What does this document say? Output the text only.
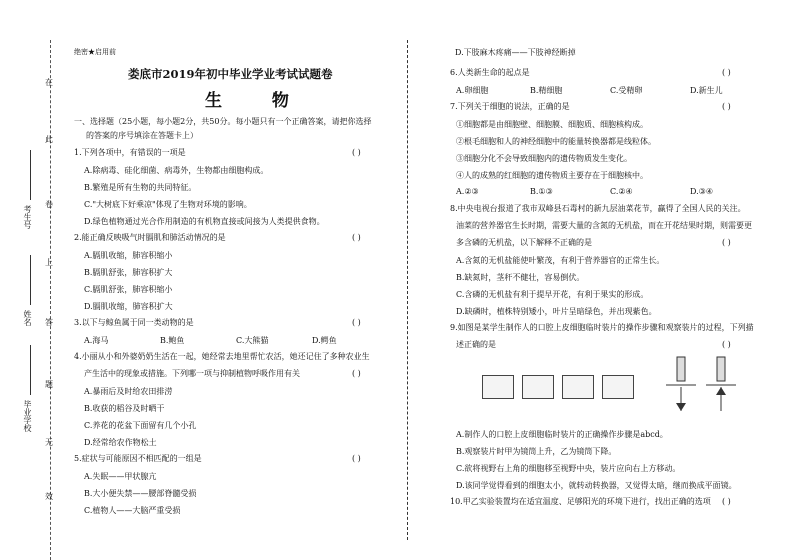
在
此
卷
上
答
题
无
效
考生号
姓名
毕业学校
绝密★启用前
娄底市2019年初中毕业学业考试试题卷
生 物
一、选择题（25小题，每小题2分，共50分。每小题只有一个正确答案，请把你选择
的答案的序号填涂在答题卡上）
1.下列各项中，有错误的一项是	( )
A.除病毒、硅化细菌、病毒外，生物都由细胞构成。
B.繁殖是所有生物的共同特征。
C."大树底下好乘凉"体现了生物对环境的影响。
D.绿色植物通过光合作用制造的有机物直接或间接为人类提供食物。
2.能正确反映吸气时膈肌和肺活动情况的是	( )
A.膈肌收缩，肺容积缩小
B.膈肌舒张，肺容积扩大
C.膈肌舒张，肺容积缩小
D.膈肌收缩，肺容积扩大
3.以下与鲸鱼属于同一类动物的是	( )
A.海马	B.鲍鱼	C.大熊猫	D.鳄鱼
4.小丽从小和外婆奶奶生活在一起，她经常去地里帮忙农活，她还记住了多种农业生
产生活中的现象或措施。下列哪一项与抑制植物呼吸作用有关	( )
A.暴雨后及时给农田排涝
B.收获的稻谷及时晒干
C.养花的花盆下面留有几个小孔
D.经常给农作物松土
5.症状与可能原因不相匹配的一组是	( )
A.失眠——甲状腺亢
B.大小便失禁——腰部脊髓受损
C.植物人——大脑严重受损
D.下肢麻木疼痛——下肢神经断掉
6.人类新生命的起点是	( )
A.卵细胞	B.精细胞	C.受精卵	D.新生儿
7.下列关于细胞的说法，正确的是	( )
①细胞都是由细胞壁、细胞膜、细胞质、细胞核构成。
②根毛细胞和人的神经细胞中的能量转换器都是线粒体。
③细胞分化不会导致细胞内的遗传物质发生变化。
④人的成熟的红细胞的遗传物质主要存在于细胞核中。
A.②③	B.①③	C.②④	D.③④
8.中央电视台报道了我市双峰县石毒村的新九层油菜花节，赢得了全国人民的关注。
油菜的营养器官生长时期，需要大量的含氮的无机盐，而在开花结果时期，则需要更
多含磷的无机盐，以下解释不正确的是	( )
A.含氮的无机盐能使叶繁茂，有利于营养器官的正常生长。
B.缺氮时，茎秆不健壮，容易倒伏。
C.含磷的无机盐有利于提早开花，有利于果实的形成。
D.缺磷时，植株特别矮小，叶片呈暗绿色，并出现紫色。
9.如图是某学生制作人的口腔上皮细胞临时装片的操作步骤和观察装片的过程，下列描
述正确的是	( )
A.制作人的口腔上皮细胞临时装片的正确操作步骤是abcd。
B.观察装片时甲为镜筒上升，乙为镜筒下降。
C.欲将视野右上角的细胞移至视野中央，装片应向右上方移动。
D.该同学觉得看到的细胞太小，就转动转换器，又觉得太暗，继而换成平面镜。
10.甲乙实验装置均在适宜温度、足够阳光的环境下进行，找出正确的选项 ( )
